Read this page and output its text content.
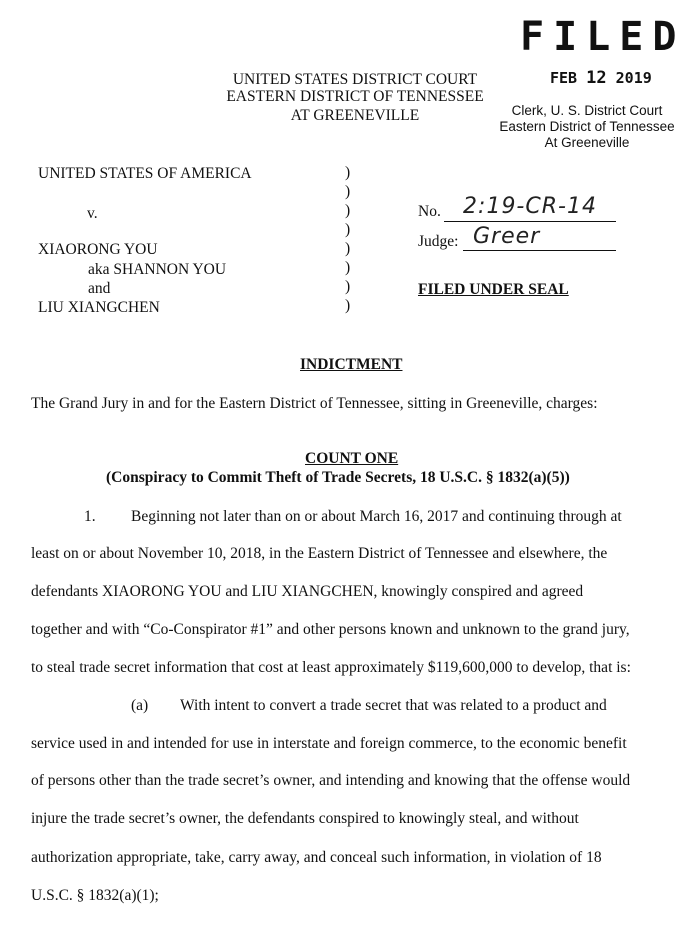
UNITED STATES DISTRICT COURT
EASTERN DISTRICT OF TENNESSEE
AT GREENEVILLE
FILED
FEB 12 2019
Clerk, U. S. District Court
Eastern District of Tennessee
At Greeneville
UNITED STATES OF AMERICA
v.
XIAORONG YOU
aka SHANNON YOU
and
LIU XIANGCHEN
)
)
)
)
)
)
)
)
No.	2:19-CR-14
Judge: Greer
FILED UNDER SEAL
INDICTMENT
The Grand Jury in and for the Eastern District of Tennessee, sitting in Greeneville, charges:
COUNT ONE
(Conspiracy to Commit Theft of Trade Secrets, 18 U.S.C. § 1832(a)(5))
1. Beginning not later than on or about March 16, 2017 and continuing through at
least on or about November 10, 2018, in the Eastern District of Tennessee and elsewhere, the
defendants XIAORONG YOU and LIU XIANGCHEN, knowingly conspired and agreed
together and with “Co-Conspirator #1” and other persons known and unknown to the grand jury,
to steal trade secret information that cost at least approximately $119,600,000 to develop, that is:
(a) With intent to convert a trade secret that was related to a product and
service used in and intended for use in interstate and foreign commerce, to the economic benefit
of persons other than the trade secret’s owner, and intending and knowing that the offense would
injure the trade secret’s owner, the defendants conspired to knowingly steal, and without
authorization appropriate, take, carry away, and conceal such information, in violation of 18
U.S.C. § 1832(a)(1);
